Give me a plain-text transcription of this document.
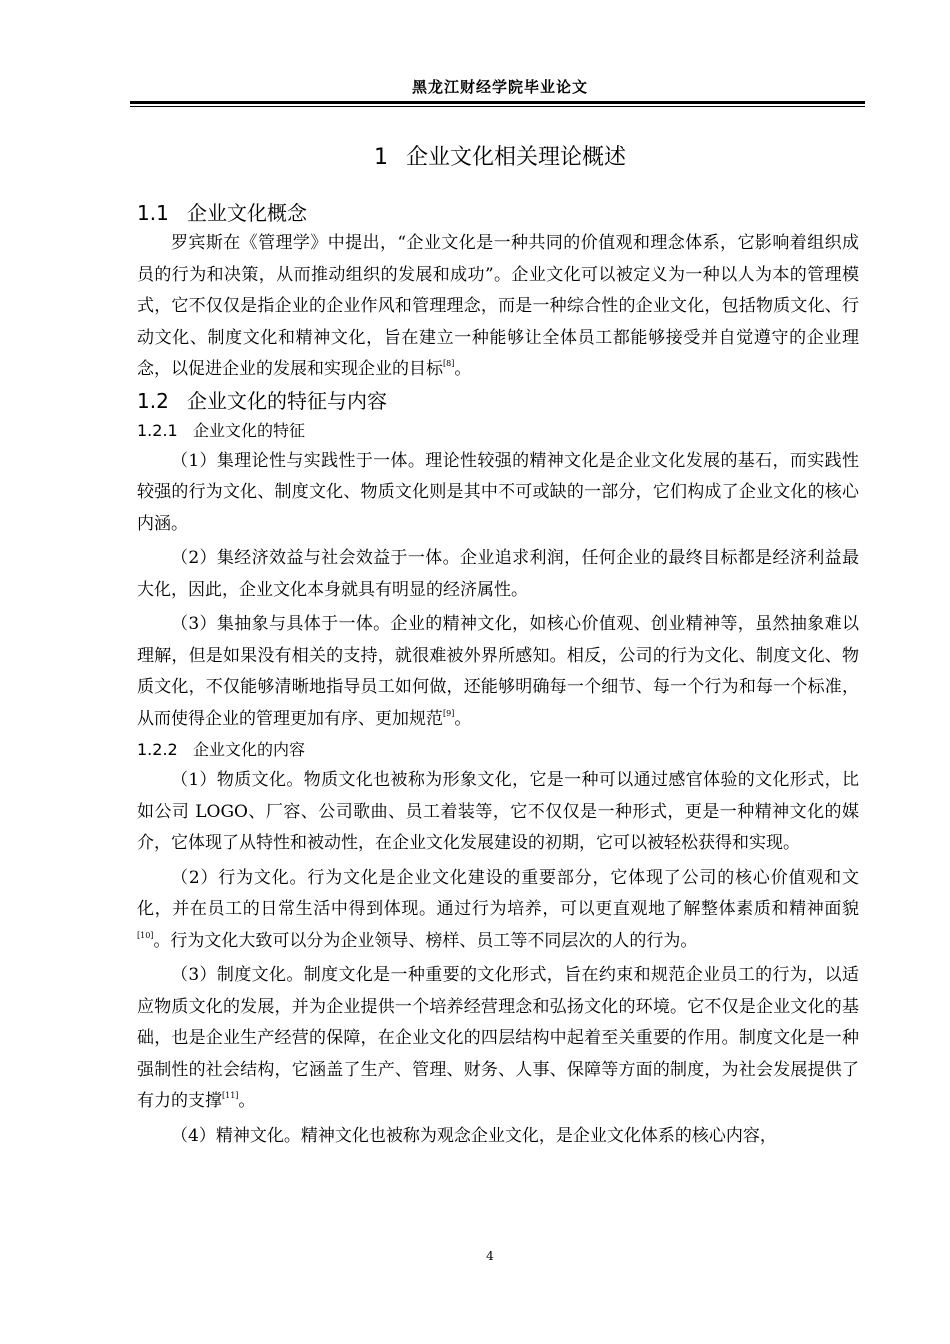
黑龙江财经学院毕业论文
1 企业文化相关理论概述
1.1 企业文化概念

罗宾斯在《管理学》中提出，“企业文化是一种共同的价值观和理念体系，它影响着组织成员的行为和决策，从而推动组织的发展和成功”。企业文化可以被定义为一种以人为本的管理模式，它不仅仅是指企业的企业作风和管理理念，而是一种综合性的企业文化，包括物质文化、行动文化、制度文化和精神文化，旨在建立一种能够让全体员工都能够接受并自觉遵守的企业理念，以促进企业的发展和实现企业的目标[8]。

1.2 企业文化的特征与内容
1.2.1 企业文化的特征

（1）集理论性与实践性于一体。理论性较强的精神文化是企业文化发展的基石，而实践性较强的行为文化、制度文化、物质文化则是其中不可或缺的一部分，它们构成了企业文化的核心内涵。

（2）集经济效益与社会效益于一体。企业追求利润，任何企业的最终目标都是经济利益最大化，因此，企业文化本身就具有明显的经济属性。

（3）集抽象与具体于一体。企业的精神文化，如核心价值观、创业精神等，虽然抽象难以理解，但是如果没有相关的支持，就很难被外界所感知。相反，公司的行为文化、制度文化、物质文化，不仅能够清晰地指导员工如何做，还能够明确每一个细节、每一个行为和每一个标准，从而使得企业的管理更加有序、更加规范[9]。

1.2.2 企业文化的内容

（1）物质文化。物质文化也被称为形象文化，它是一种可以通过感官体验的文化形式，比如公司 LOGO、厂容、公司歌曲、员工着装等，它不仅仅是一种形式，更是一种精神文化的媒介，它体现了从特性和被动性，在企业文化发展建设的初期，它可以被轻松获得和实现。

（2）行为文化。行为文化是企业文化建设的重要部分，它体现了公司的核心价值观和文化，并在员工的日常生活中得到体现。通过行为培养，可以更直观地了解整体素质和精神面貌[10]。行为文化大致可以分为企业领导、榜样、员工等不同层次的人的行为。

（3）制度文化。制度文化是一种重要的文化形式，旨在约束和规范企业员工的行为，以适应物质文化的发展，并为企业提供一个培养经营理念和弘扬文化的环境。它不仅是企业文化的基础，也是企业生产经营的保障，在企业文化的四层结构中起着至关重要的作用。制度文化是一种强制性的社会结构，它涵盖了生产、管理、财务、人事、保障等方面的制度，为社会发展提供了有力的支撑[11]。

（4）精神文化。精神文化也被称为观念企业文化，是企业文化体系的核心内容，

4
